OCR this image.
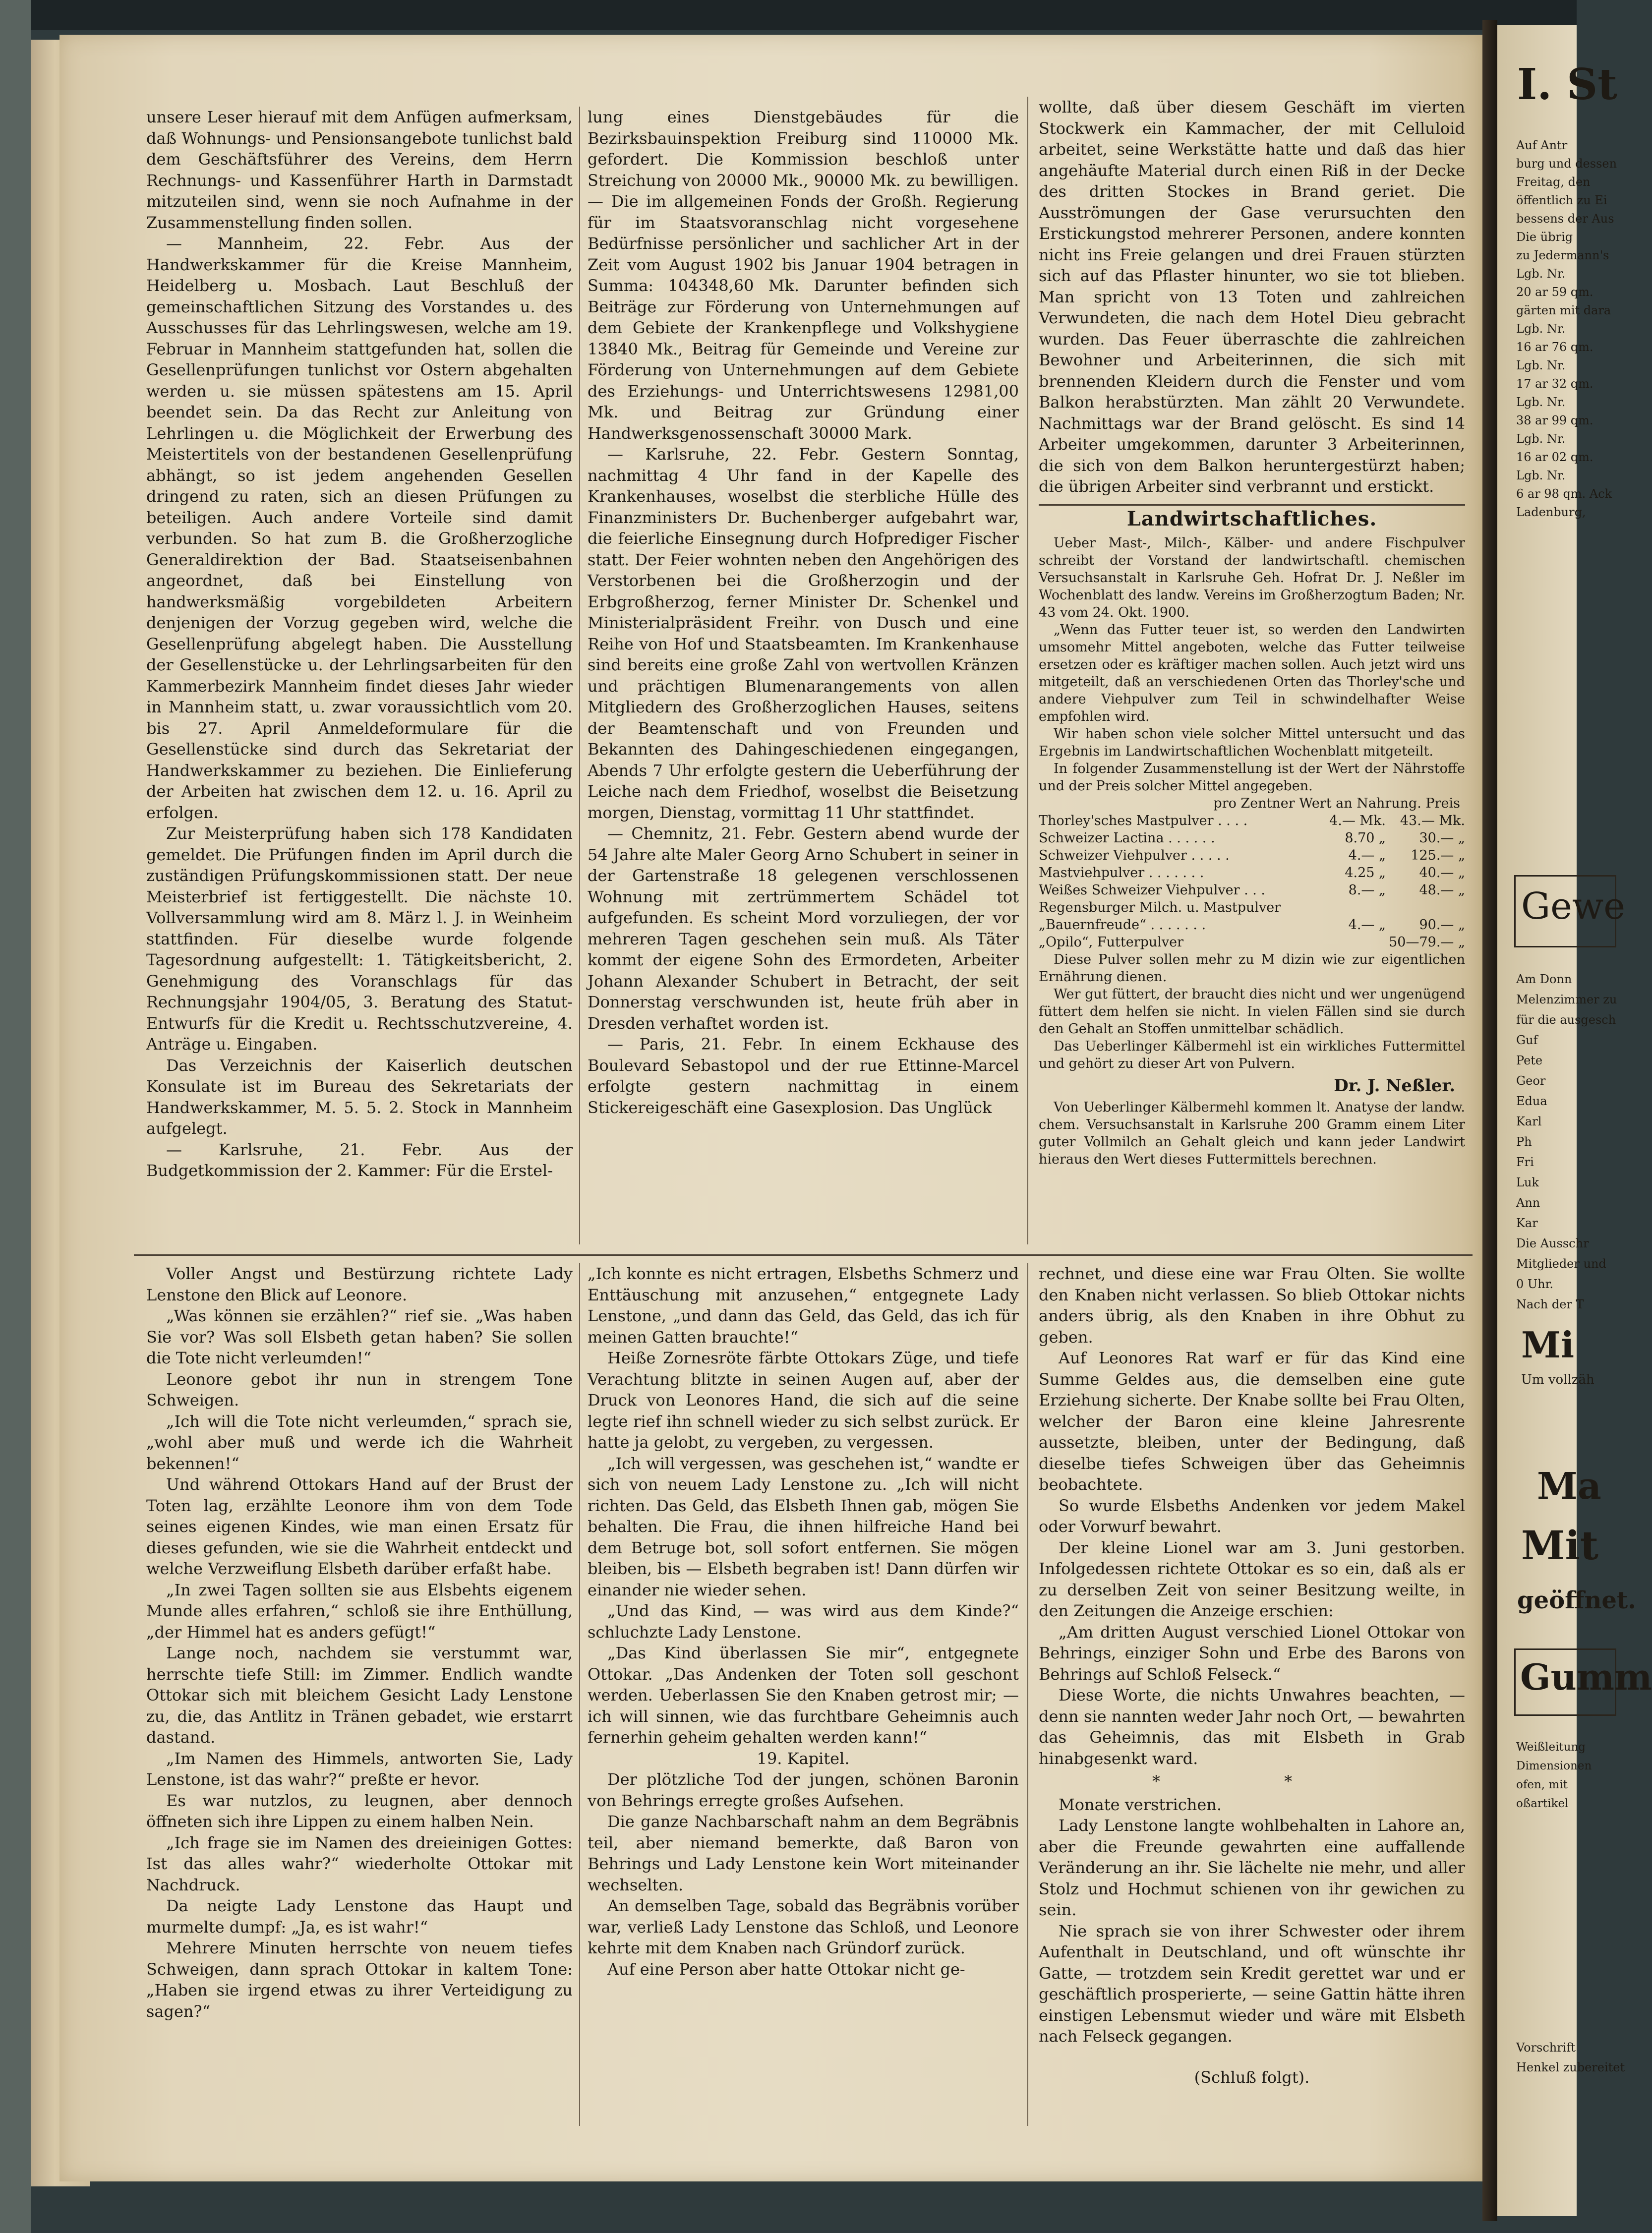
unsere Leser hierauf mit dem Anfügen aufmerksam, daß Wohnungs- und Pensionsangebote tunlichst bald dem Geschäftsführer des Vereins, dem Herrn Rechnungs- und Kassenführer Harth in Darmstadt mitzuteilen sind, wenn sie noch Aufnahme in der Zusammenstellung finden sollen.

— Mannheim, 22. Febr. Aus der Handwerkskammer für die Kreise Mannheim, Heidelberg u. Mosbach. Laut Beschluß der gemeinschaftlichen Sitzung des Vorstandes u. des Ausschusses für das Lehrlingswesen, welche am 19. Februar in Mannheim stattgefunden hat, sollen die Gesellenprüfungen tunlichst vor Ostern abgehalten werden u. sie müssen spätestens am 15. April beendet sein. Da das Recht zur Anleitung von Lehrlingen u. die Möglichkeit der Erwerbung des Meistertitels von der bestandenen Gesellenprüfung abhängt, so ist jedem angehenden Gesellen dringend zu raten, sich an diesen Prüfungen zu beteiligen. Auch andere Vorteile sind damit verbunden. So hat zum B. die Großherzogliche Generaldirektion der Bad. Staatseisenbahnen angeordnet, daß bei Einstellung von handwerksmäßig vorgebildeten Arbeitern denjenigen der Vorzug gegeben wird, welche die Gesellenprüfung abgelegt haben. Die Ausstellung der Gesellenstücke u. der Lehrlingsarbeiten für den Kammerbezirk Mannheim findet dieses Jahr wieder in Mannheim statt, u. zwar voraussichtlich vom 20. bis 27. April Anmeldeformulare für die Gesellenstücke sind durch das Sekretariat der Handwerkskammer zu beziehen. Die Einlieferung der Arbeiten hat zwischen dem 12. u. 16. April zu erfolgen.

Zur Meisterprüfung haben sich 178 Kandidaten gemeldet. Die Prüfungen finden im April durch die zuständigen Prüfungskommissionen statt. Der neue Meisterbrief ist fertiggestellt. Die nächste 10. Vollversammlung wird am 8. März l. J. in Weinheim stattfinden. Für dieselbe wurde folgende Tagesordnung aufgestellt: 1. Tätigkeitsbericht, 2. Genehmigung des Voranschlags für das Rechnungsjahr 1904/05, 3. Beratung des Statut- Entwurfs für die Kredit u. Rechtsschutzvereine, 4. Anträge u. Eingaben.

Das Verzeichnis der Kaiserlich deutschen Konsulate ist im Bureau des Sekretariats der Handwerkskammer, M. 5. 5. 2. Stock in Mannheim aufgelegt.

— Karlsruhe, 21. Febr. Aus der Budgetkommission der 2. Kammer: Für die Erstel-

lung eines Dienstgebäudes für die Bezirksbauinspektion Freiburg sind 110000 Mk. gefordert. Die Kommission beschloß unter Streichung von 20000 Mk., 90000 Mk. zu bewilligen. — Die im allgemeinen Fonds der Großh. Regierung für im Staatsvoranschlag nicht vorgesehene Bedürfnisse persönlicher und sachlicher Art in der Zeit vom August 1902 bis Januar 1904 betragen in Summa: 104348,60 Mk. Darunter befinden sich Beiträge zur Förderung von Unternehmungen auf dem Gebiete der Krankenpflege und Volkshygiene 13840 Mk., Beitrag für Gemeinde und Vereine zur Förderung von Unternehmungen auf dem Gebiete des Erziehungs- und Unterrichtswesens 12981,00 Mk. und Beitrag zur Gründung einer Handwerksgenossenschaft 30000 Mark.

— Karlsruhe, 22. Febr. Gestern Sonntag, nachmittag 4 Uhr fand in der Kapelle des Krankenhauses, woselbst die sterbliche Hülle des Finanzministers Dr. Buchenberger aufgebahrt war, die feierliche Einsegnung durch Hofprediger Fischer statt. Der Feier wohnten neben den Angehörigen des Verstorbenen bei die Großherzogin und der Erbgroßherzog, ferner Minister Dr. Schenkel und Ministerialpräsident Freihr. von Dusch und eine Reihe von Hof und Staatsbeamten. Im Krankenhause sind bereits eine große Zahl von wertvollen Kränzen und prächtigen Blumenarangements von allen Mitgliedern des Großherzoglichen Hauses, seitens der Beamtenschaft und von Freunden und Bekannten des Dahingeschiedenen eingegangen, Abends 7 Uhr erfolgte gestern die Ueberführung der Leiche nach dem Friedhof, woselbst die Beisetzung morgen, Dienstag, vormittag 11 Uhr stattfindet.

— Chemnitz, 21. Febr. Gestern abend wurde der 54 Jahre alte Maler Georg Arno Schubert in seiner in der Gartenstraße 18 gelegenen verschlossenen Wohnung mit zertrümmertem Schädel tot aufgefunden. Es scheint Mord vorzuliegen, der vor mehreren Tagen geschehen sein muß. Als Täter kommt der eigene Sohn des Ermordeten, Arbeiter Johann Alexander Schubert in Betracht, der seit Donnerstag verschwunden ist, heute früh aber in Dresden verhaftet worden ist.

— Paris, 21. Febr. In einem Eckhause des Boulevard Sebastopol und der rue Ettinne-Marcel erfolgte gestern nachmittag in einem Stickereigeschäft eine Gasexplosion. Das Unglück

wollte, daß über diesem Geschäft im vierten Stockwerk ein Kammacher, der mit Celluloid arbeitet, seine Werkstätte hatte und daß das hier angehäufte Material durch einen Riß in der Decke des dritten Stockes in Brand geriet. Die Ausströmungen der Gase verursuchten den Erstickungstod mehrerer Personen, andere konnten nicht ins Freie gelangen und drei Frauen stürzten sich auf das Pflaster hinunter, wo sie tot blieben. Man spricht von 13 Toten und zahlreichen Verwundeten, die nach dem Hotel Dieu gebracht wurden. Das Feuer überraschte die zahlreichen Bewohner und Arbeiterinnen, die sich mit brennenden Kleidern durch die Fenster und vom Balkon herabstürzten. Man zählt 20 Verwundete. Nachmittags war der Brand gelöscht. Es sind 14 Arbeiter umgekommen, darunter 3 Arbeiterinnen, die sich von dem Balkon heruntergestürzt haben; die übrigen Arbeiter sind verbrannt und erstickt.

Landwirtschaftliches.

Ueber Mast-, Milch-, Kälber- und andere Fischpulver schreibt der Vorstand der landwirtschaftl. chemischen Versuchsanstalt in Karlsruhe Geh. Hofrat Dr. J. Neßler im Wochenblatt des landw. Vereins im Großherzogtum Baden; Nr. 43 vom 24. Okt. 1900.

„Wenn das Futter teuer ist, so werden den Landwirten umsomehr Mittel angeboten, welche das Futter teilweise ersetzen oder es kräftiger machen sollen. Auch jetzt wird uns mitgeteilt, daß an verschiedenen Orten das Thorley'sche und andere Viehpulver zum Teil in schwindelhafter Weise empfohlen wird.

Wir haben schon viele solcher Mittel untersucht und das Ergebnis im Landwirtschaftlichen Wochenblatt mitgeteilt.

In folgender Zusammenstellung ist der Wert der Nährstoffe und der Preis solcher Mittel angegeben.

pro Zentner Wert an Nahrung. Preis
Thorley'sches Mastpulver . . . .	4.— Mk.	43.— Mk.
Schweizer Lactina . . . . . .	8.70 „	30.— „
Schweizer Viehpulver . . . . .	4.— „	125.— „
Mastviehpulver . . . . . . .	4.25 „	40.— „
Weißes Schweizer Viehpulver . . .	8.— „	48.— „
Regensburger Milch. u. Mastpulver
„Bauernfreude“ . . . . . . .	4.— „	90.— „
„Opilo“, Futterpulver	50—79.— „

Diese Pulver sollen mehr zu M dizin wie zur eigentlichen Ernährung dienen.

Wer gut füttert, der braucht dies nicht und wer ungenügend füttert dem helfen sie nicht. In vielen Fällen sind sie durch den Gehalt an Stoffen unmittelbar schädlich.

Das Ueberlinger Kälbermehl ist ein wirkliches Futtermittel und gehört zu dieser Art von Pulvern.

Dr. J. Neßler.

Von Ueberlinger Kälbermehl kommen lt. Anatyse der landw. chem. Versuchsanstalt in Karlsruhe 200 Gramm einem Liter guter Vollmilch an Gehalt gleich und kann jeder Landwirt hieraus den Wert dieses Futtermittels berechnen.

Voller Angst und Bestürzung richtete Lady Lenstone den Blick auf Leonore.

„Was können sie erzählen?“ rief sie. „Was haben Sie vor? Was soll Elsbeth getan haben? Sie sollen die Tote nicht verleumden!“

Leonore gebot ihr nun in strengem Tone Schweigen.

„Ich will die Tote nicht verleumden,“ sprach sie, „wohl aber muß und werde ich die Wahrheit bekennen!“

Und während Ottokars Hand auf der Brust der Toten lag, erzählte Leonore ihm von dem Tode seines eigenen Kindes, wie man einen Ersatz für dieses gefunden, wie sie die Wahrheit entdeckt und welche Verzweiflung Elsbeth darüber erfaßt habe.

„In zwei Tagen sollten sie aus Elsbehts eigenem Munde alles erfahren,“ schloß sie ihre Enthüllung, „der Himmel hat es anders gefügt!“

Lange noch, nachdem sie verstummt war, herrschte tiefe Still: im Zimmer. Endlich wandte Ottokar sich mit bleichem Gesicht Lady Lenstone zu, die, das Antlitz in Tränen gebadet, wie erstarrt dastand.

„Im Namen des Himmels, antworten Sie, Lady Lenstone, ist das wahr?“ preßte er hevor.

Es war nutzlos, zu leugnen, aber dennoch öffneten sich ihre Lippen zu einem halben Nein.

„Ich frage sie im Namen des dreieinigen Gottes: Ist das alles wahr?“ wiederholte Ottokar mit Nachdruck.

Da neigte Lady Lenstone das Haupt und murmelte dumpf: „Ja, es ist wahr!“

Mehrere Minuten herrschte von neuem tiefes Schweigen, dann sprach Ottokar in kaltem Tone: „Haben sie irgend etwas zu ihrer Verteidigung zu sagen?“

„Ich konnte es nicht ertragen, Elsbeths Schmerz und Enttäuschung mit anzusehen,“ entgegnete Lady Lenstone, „und dann das Geld, das Geld, das ich für meinen Gatten brauchte!“

Heiße Zornesröte färbte Ottokars Züge, und tiefe Verachtung blitzte in seinen Augen auf, aber der Druck von Leonores Hand, die sich auf die seine legte rief ihn schnell wieder zu sich selbst zurück. Er hatte ja gelobt, zu vergeben, zu vergessen.

„Ich will vergessen, was geschehen ist,“ wandte er sich von neuem Lady Lenstone zu. „Ich will nicht richten. Das Geld, das Elsbeth Ihnen gab, mögen Sie behalten. Die Frau, die ihnen hilfreiche Hand bei dem Betruge bot, soll sofort entfernen. Sie mögen bleiben, bis — Elsbeth begraben ist! Dann dürfen wir einander nie wieder sehen.

„Und das Kind, — was wird aus dem Kinde?“ schluchzte Lady Lenstone.

„Das Kind überlassen Sie mir“, entgegnete Ottokar. „Das Andenken der Toten soll geschont werden. Ueberlassen Sie den Knaben getrost mir; — ich will sinnen, wie das furchtbare Geheimnis auch fernerhin geheim gehalten werden kann!“

19. Kapitel.

Der plötzliche Tod der jungen, schönen Baronin von Behrings erregte großes Aufsehen.

Die ganze Nachbarschaft nahm an dem Begräbnis teil, aber niemand bemerkte, daß Baron von Behrings und Lady Lenstone kein Wort miteinander wechselten.

An demselben Tage, sobald das Begräbnis vorüber war, verließ Lady Lenstone das Schloß, und Leonore kehrte mit dem Knaben nach Gründorf zurück.

Auf eine Person aber hatte Ottokar nicht ge-

rechnet, und diese eine war Frau Olten. Sie wollte den Knaben nicht verlassen. So blieb Ottokar nichts anders übrig, als den Knaben in ihre Obhut zu geben.

Auf Leonores Rat warf er für das Kind eine Summe Geldes aus, die demselben eine gute Erziehung sicherte. Der Knabe sollte bei Frau Olten, welcher der Baron eine kleine Jahresrente aussetzte, bleiben, unter der Bedingung, daß dieselbe tiefes Schweigen über das Geheimnis beobachtete.

So wurde Elsbeths Andenken vor jedem Makel oder Vorwurf bewahrt.

Der kleine Lionel war am 3. Juni gestorben. Infolgedessen richtete Ottokar es so ein, daß als er zu derselben Zeit von seiner Besitzung weilte, in den Zeitungen die Anzeige erschien:

„Am dritten August verschied Lionel Ottokar von Behrings, einziger Sohn und Erbe des Barons von Behrings auf Schloß Felseck.“

Diese Worte, die nichts Unwahres beachten, — denn sie nannten weder Jahr noch Ort, — bewahrten das Geheimnis, das mit Elsbeth in Grab hinabgesenkt ward.

* *

Monate verstrichen.

Lady Lenstone langte wohlbehalten in Lahore an, aber die Freunde gewahrten eine auffallende Veränderung an ihr. Sie lächelte nie mehr, und aller Stolz und Hochmut schienen von ihr gewichen zu sein.

Nie sprach sie von ihrer Schwester oder ihrem Aufenthalt in Deutschland, und oft wünschte ihr Gatte, — trotzdem sein Kredit gerettet war und er geschäftlich prosperierte, — seine Gattin hätte ihren einstigen Lebensmut wieder und wäre mit Elsbeth nach Felseck gegangen.

(Schluß folgt).

I. St
Auf Antr
burg und dessen
Freitag, den
öffentlich zu Ei
bessens der Aus
Die übrig
zu Jedermann's
Lgb. Nr.
20 ar 59 qm.
gärten mit dara
Lgb. Nr.
16 ar 76 qm.
Lgb. Nr.
17 ar 32 qm.
Lgb. Nr.
38 ar 99 qm.
Lgb. Nr.
16 ar 02 qm.
Lgb. Nr.
6 ar 98 qm. Ack
Ladenburg,
Gewe
Am Donn
Melenzimmer zu
für die ausgesch
Guf
Pete
Geor
Edua
Karl
Ph
Fri
Luk
Ann
Kar
Die Ausschr
Mitglieder und
0 Uhr.
Nach der T
Mi
Um vollzäh
Ma
Mit
geöffnet.
Gumm
Weißleitung
Dimensionen
ofen, mit
oßartikel
Vorschrift
Henkel zubereitet
